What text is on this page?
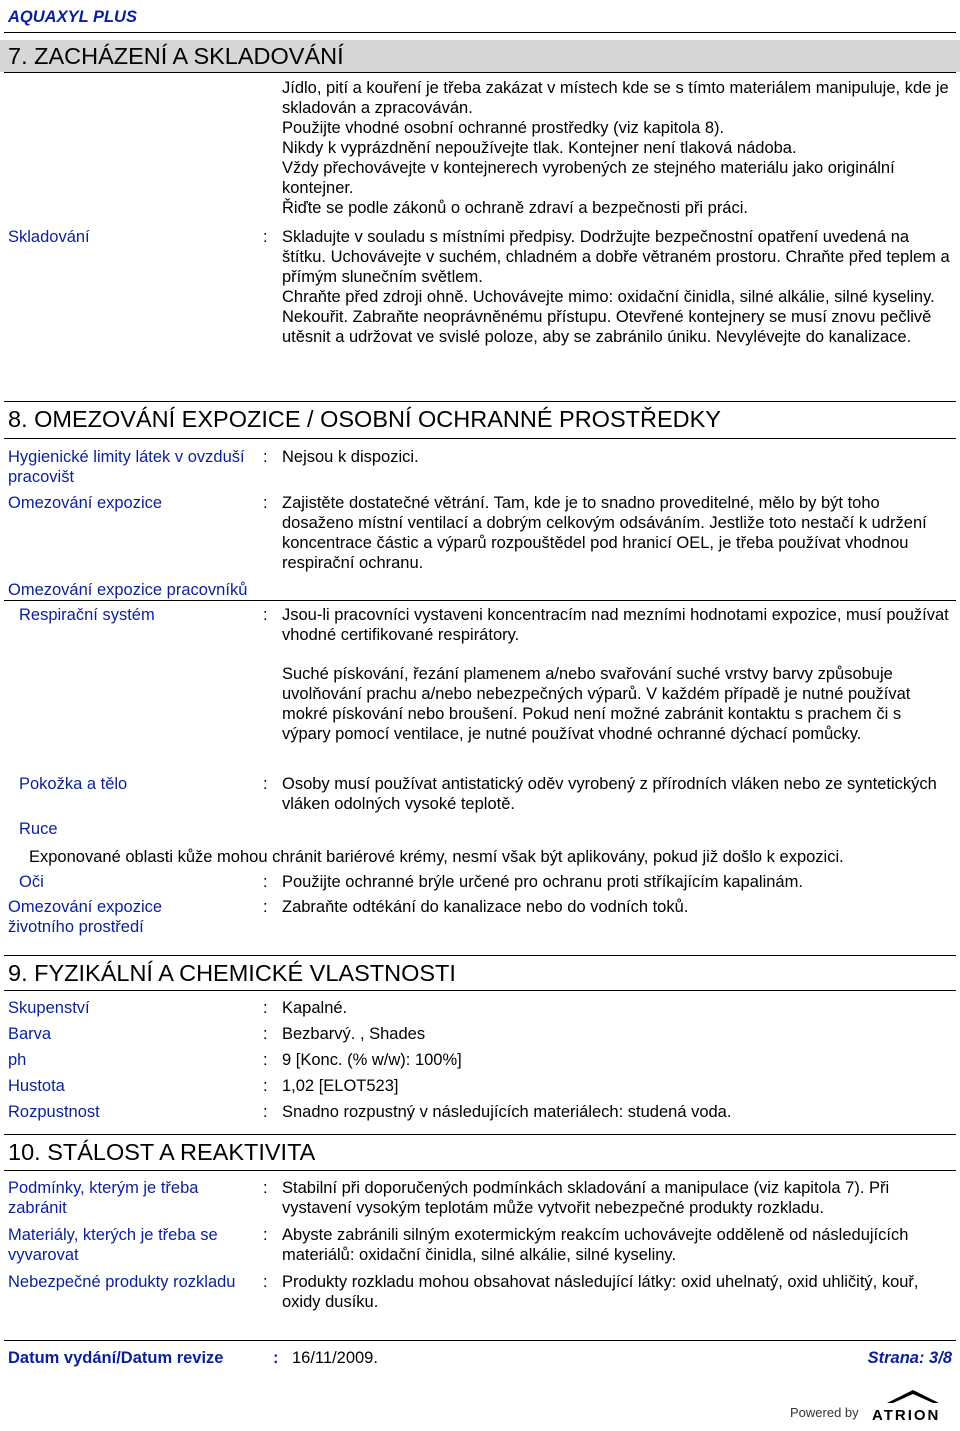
AQUAXYL PLUS
7. ZACHÁZENÍ A SKLADOVÁNÍ
Jídlo, pití a kouření je třeba zakázat v místech kde se s tímto materiálem manipuluje, kde je skladován a zpracováván.
Použijte vhodné osobní ochranné prostředky (viz kapitola 8).
Nikdy k vyprázdnění nepoužívejte tlak. Kontejner není tlaková nádoba.
Vždy přechovávejte v kontejnerech vyrobených ze stejného materiálu jako originální kontejner.
Řiďte se podle zákonů o ochraně zdraví a bezpečnosti při práci.
Skladování	: Skladujte v souladu s místními předpisy. Dodržujte bezpečnostní opatření uvedená na štítku. Uchovávejte v suchém, chladném a dobře větraném prostoru. Chraňte před teplem a přímým slunečním světlem.
Chraňte před zdroji ohně. Uchovávejte mimo: oxidační činidla, silné alkálie, silné kyseliny.
Nekouřit. Zabraňte neoprávněnému přístupu. Otevřené kontejnery se musí znovu pečlivě utěsnit a udržovat ve svislé poloze, aby se zabránilo úniku. Nevylévejte do kanalizace.
8. OMEZOVÁNÍ EXPOZICE / OSOBNÍ OCHRANNÉ PROSTŘEDKY
Hygienické limity látek v ovzduší pracovišt
: Nejsou k dispozici.
Omezování expozice	: Zajistěte dostatečné větrání. Tam, kde je to snadno proveditelné, mělo by být toho dosaženo místní ventilací a dobrým celkovým odsáváním. Jestliže toto nestačí k udržení koncentrace částic a výparů rozpouštědel pod hranicí OEL, je třeba používat vhodnou respirační ochranu.
Omezování expozice pracovníků
Respirační systém	: Jsou-li pracovníci vystaveni koncentracím nad mezními hodnotami expozice, musí používat vhodné certifikované respirátory.
Suché pískování, řezání plamenem a/nebo svařování suché vrstvy barvy způsobuje uvolňování prachu a/nebo nebezpečných výparů. V každém případě je nutné používat mokré pískování nebo broušení. Pokud není možné zabránit kontaktu s prachem či s výpary pomocí ventilace, je nutné používat vhodné ochranné dýchací pomůcky.
Pokožka a tělo	: Osoby musí používat antistatický oděv vyrobený z přírodních vláken nebo ze syntetických vláken odolných vysoké teplotě.
Ruce
Exponované oblasti kůže mohou chránit bariérové krémy, nesmí však být aplikovány, pokud již došlo k expozici.
Oči	: Použijte ochranné brýle určené pro ochranu proti stříkajícím kapalinám.
Omezování expozice životního prostředí
: Zabraňte odtékání do kanalizace nebo do vodních toků.
9. FYZIKÁLNÍ A CHEMICKÉ VLASTNOSTI
Skupenství	: Kapalné.
Barva	: Bezbarvý. , Shades
ph	: 9 [Konc. (% w/w): 100%]
Hustota	: 1,02 [ELOT523]
Rozpustnost	: Snadno rozpustný v následujících materiálech: studená voda.
10. STÁLOST A REAKTIVITA
Podmínky, kterým je třeba zabránit
: Stabilní při doporučených podmínkách skladování a manipulace (viz kapitola 7). Při vystavení vysokým teplotám může vytvořit nebezpečné produkty rozkladu.
Materiály, kterých je třeba se vyvarovat
: Abyste zabránili silným exotermickým reakcím uchovávejte odděleně od následujících materiálů: oxidační činidla, silné alkálie, silné kyseliny.
Nebezpečné produkty rozkladu	: Produkty rozkladu mohou obsahovat následující látky: oxid uhelnatý, oxid uhličitý, kouř, oxidy dusíku.
Datum vydání/Datum revize	: 16/11/2009.	Strana: 3/8
Powered by ATRION
